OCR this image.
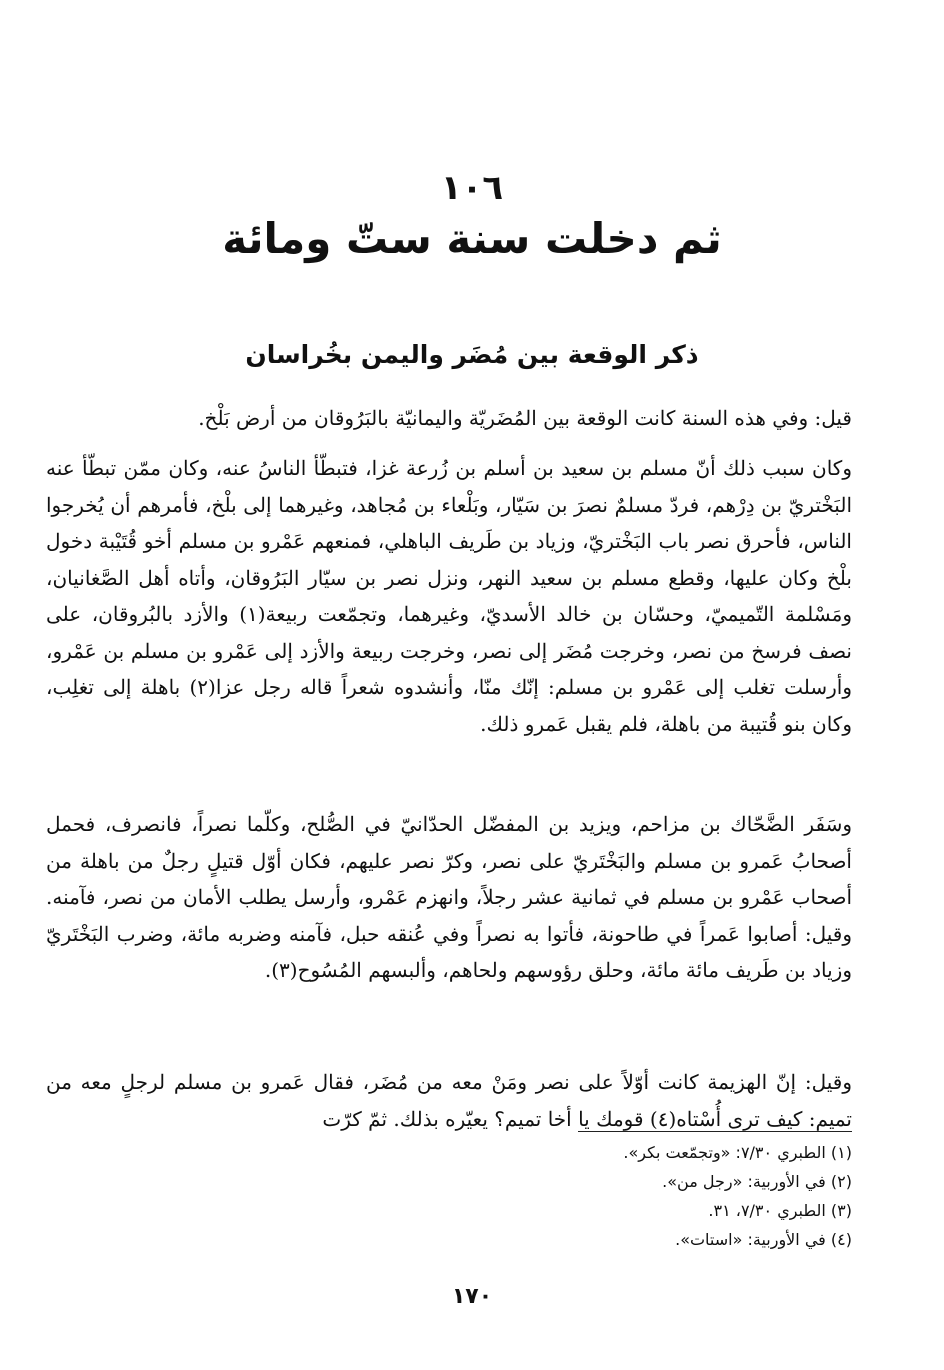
١٠٦
ثم دخلت سنة ستّ ومائة
ذكر الوقعة بين مُضَر واليمن بخُراسان

قيل: وفي هذه السنة كانت الوقعة بين المُضَريّة واليمانيّة بالبَرُوقان من أرض بَلْخ.

وكان سبب ذلك أنّ مسلم بن سعيد بن أسلم بن زُرعة غزا، فتبطّأ الناسُ عنه، وكان ممّن تبطّأ عنه البَخْتريّ بن دِرْهم، فردّ مسلمٌ نصرَ بن سَيّار، وبَلْعاء بن مُجاهد، وغيرهما إلى بلْخ، فأمرهم أن يُخرجوا الناس، فأحرق نصر باب البَخْتريّ، وزياد بن طَريف الباهلي، فمنعهم عَمْرو بن مسلم أخو قُتَيْبة دخول بلْخ وكان عليها، وقطع مسلم بن سعيد النهر، ونزل نصر بن سيّار البَرُوقان، وأتاه أهل الصَّغانيان، ومَسْلمة التّميميّ، وحسّان بن خالد الأسديّ، وغيرهما، وتجمّعت ربيعة(١) والأزد بالبُروقان، على نصف فرسخ من نصر، وخرجت مُضَر إلى نصر، وخرجت ربيعة والأزد إلى عَمْرو بن مسلم بن عَمْرو، وأرسلت تغلب إلى عَمْرو بن مسلم: إنّك منّا، وأنشدوه شعراً قاله رجل عزا(٢) باهلة إلى تغلِب، وكان بنو قُتيبة من باهلة، فلم يقبل عَمرو ذلك.

وسَفَر الضَّحّاك بن مزاحم، ويزيد بن المفضّل الحدّانيّ في الصُّلح، وكلّما نصراً، فانصرف، فحمل أصحابُ عَمرو بن مسلم والبَخْتَريّ على نصر، وكرّ نصر عليهم، فكان أوّل قتيلٍ رجلٌ من باهلة من أصحاب عَمْرو بن مسلم في ثمانية عشر رجلاً، وانهزم عَمْرو، وأرسل يطلب الأمان من نصر، فآمنه. وقيل: أصابوا عَمراً في طاحونة، فأتوا به نصراً وفي عُنقه حبل، فآمنه وضربه مائة، وضرب البَخْتَريّ وزياد بن طَريف مائة مائة، وحلق رؤوسهم ولحاهم، وألبسهم المُسُوح(٣).

وقيل: إنّ الهزيمة كانت أوّلاً على نصر ومَنْ معه من مُضَر، فقال عَمرو بن مسلم لرجلٍ معه من تميم: كيف ترى أُسْتاه(٤) قومك يا أخا تميم؟ يعيّره بذلك. ثمّ كرّت

(١) الطبري ٧/٣٠: «وتجمّعت بكر».
(٢) في الأوربية: «رجل من».
(٣) الطبري ٧/٣٠، ٣١.
(٤) في الأوربية: «استات».
١٧٠
